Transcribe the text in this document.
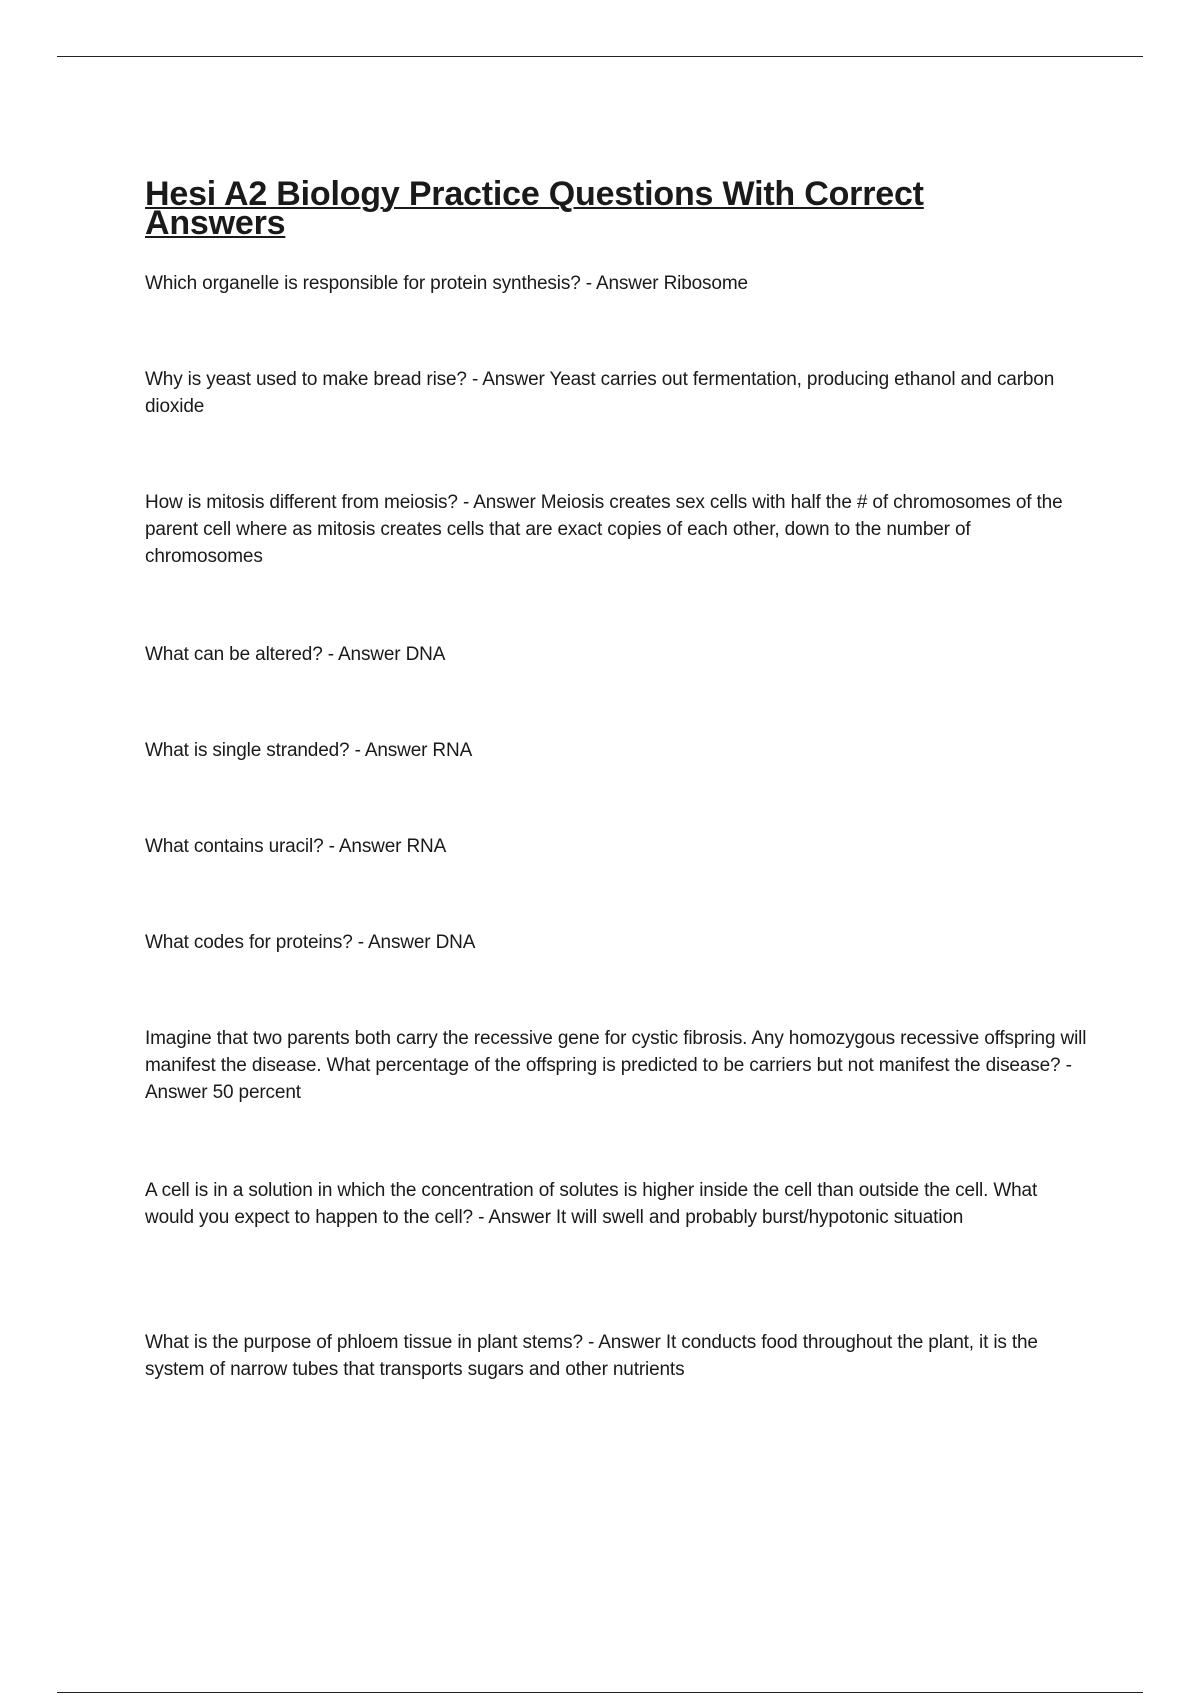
Hesi A2 Biology Practice Questions With Correct Answers
Which organelle is responsible for protein synthesis? - Answer Ribosome
Why is yeast used to make bread rise? - Answer Yeast carries out fermentation, producing ethanol and carbon dioxide
How is mitosis different from meiosis? - Answer Meiosis creates sex cells with half the # of chromosomes of the parent cell where as mitosis creates cells that are exact copies of each other, down to the number of chromosomes
What can be altered? - Answer DNA
What is single stranded? - Answer RNA
What contains uracil? - Answer RNA
What codes for proteins? - Answer DNA
Imagine that two parents both carry the recessive gene for cystic fibrosis. Any homozygous recessive offspring will manifest the disease. What percentage of the offspring is predicted to be carriers but not manifest the disease? - Answer 50 percent
A cell is in a solution in which the concentration of solutes is higher inside the cell than outside the cell. What would you expect to happen to the cell? - Answer It will swell and probably burst/hypotonic situation
What is the purpose of phloem tissue in plant stems? - Answer It conducts food throughout the plant, it is the system of narrow tubes that transports sugars and other nutrients
